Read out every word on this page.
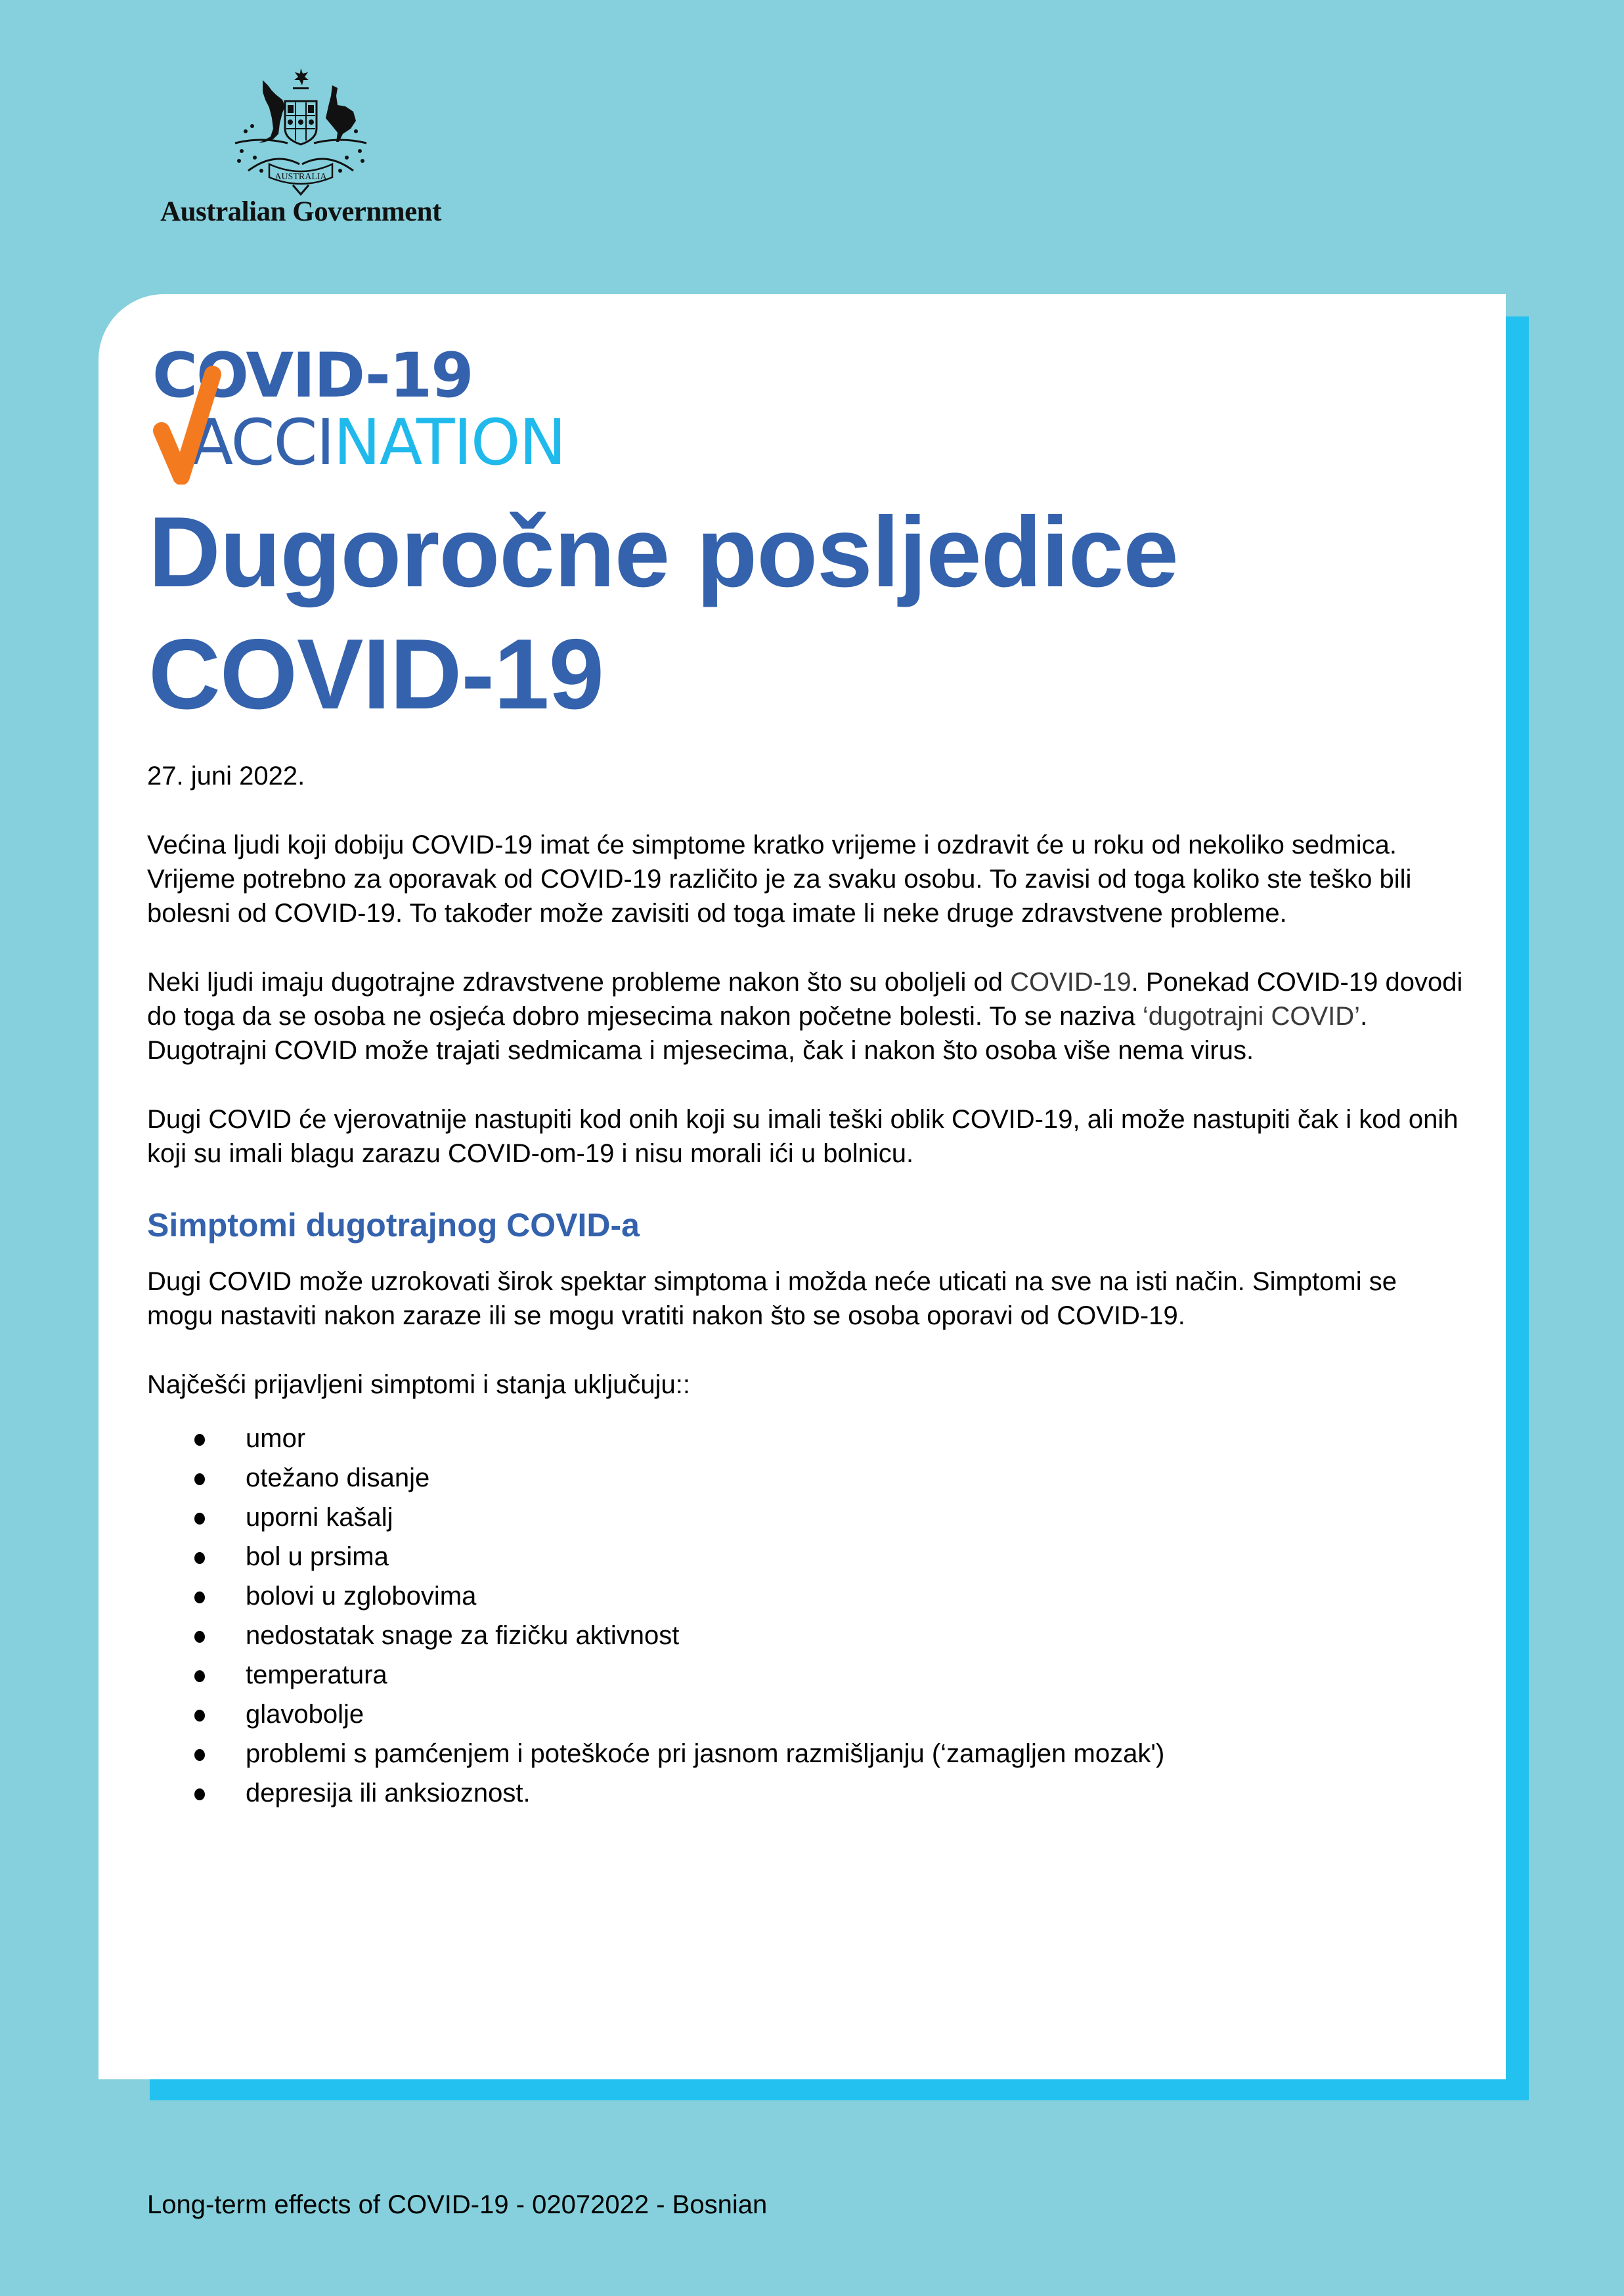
AUSTRALIA
Australian Government
COVID-19
ACCINATION
Dugoročne posljedice
COVID-19

27. juni 2022.

Većina ljudi koji dobiju COVID-19 imat će simptome kratko vrijeme i ozdravit će u roku od nekoliko sedmica. Vrijeme potrebno za oporavak od COVID-19 različito je za svaku osobu. To zavisi od toga koliko ste teško bili bolesni od COVID-19. To također može zavisiti od toga imate li neke druge zdravstvene probleme.

Neki ljudi imaju dugotrajne zdravstvene probleme nakon što su oboljeli od COVID-19. Ponekad COVID-19 dovodi do toga da se osoba ne osjeća dobro mjesecima nakon početne bolesti. To se naziva ‘dugotrajni COVID’. Dugotrajni COVID može trajati sedmicama i mjesecima, čak i nakon što osoba više nema virus.

Dugi COVID će vjerovatnije nastupiti kod onih koji su imali teški oblik COVID-19, ali može nastupiti čak i kod onih koji su imali blagu zarazu COVID-om-19 i nisu morali ići u bolnicu.

Simptomi dugotrajnog COVID-a

Dugi COVID može uzrokovati širok spektar simptoma i možda neće uticati na sve na isti način. Simptomi se mogu nastaviti nakon zaraze ili se mogu vratiti nakon što se osoba oporavi od COVID-19.

Najčešći prijavljeni simptomi i stanja uključuju::

umor
otežano disanje
uporni kašalj
bol u prsima
bolovi u zglobovima
nedostatak snage za fizičku aktivnost
temperatura
glavobolje
problemi s pamćenjem i poteškoće pri jasnom razmišljanju (‘zamagljen mozak')
depresija ili anksioznost.
Long-term effects of COVID-19 - 02072022 - Bosnian
